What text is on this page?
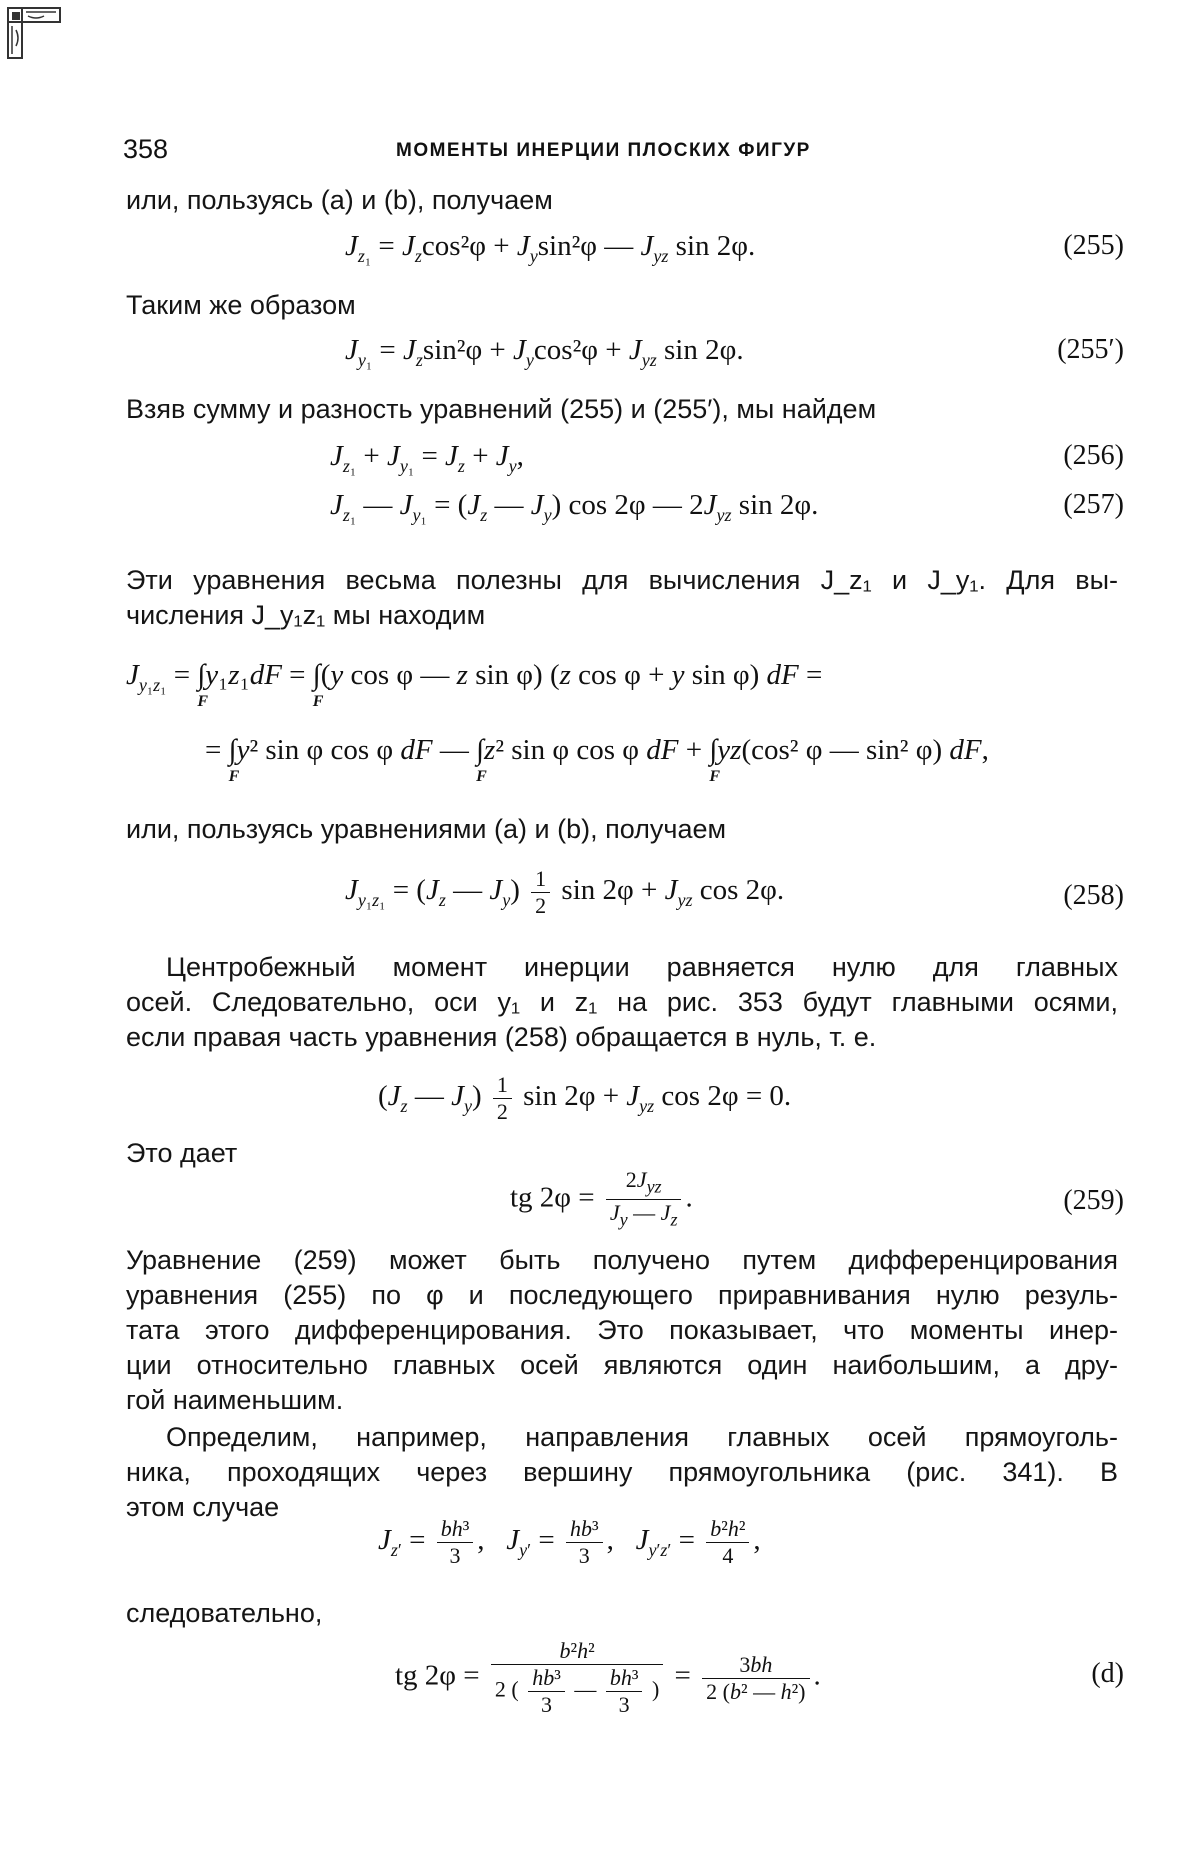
358	МОМЕНТЫ ИНЕРЦИИ ПЛОСКИХ ФИГУР
или, пользуясь (a) и (b), получаем
$J_{z_1} = J_z\cos^2\varphi + J_y\sin^2\varphi$ — $J_{yz}$ sin 2φ.	(255)
Таким же образом
$J_{y_1} = J_z\sin^2\varphi + J_y\cos^2\varphi + J_{yz}$ sin 2φ.	(255′)
Взяв сумму и разность уравнений (255) и (255′), мы найдем
$J_{z_1} + J_{y_1} = J_z + J_y$,	(256)
$J_{z_1}$ — $J_{y_1} = (J_z$ — $J_y$) cos 2φ — $2J_{yz}$ sin 2φ.	(257)
Эти уравнения весьма полезны для вычисления J_z₁ и J_y₁. Для вы-
числения J_y₁z₁ мы находим
$J_{y_1z_1}$ = ∫
F
y₁z₁dF = ∫
F
(y cos φ — z sin φ) (z cos φ + y sin φ) dF =
= ∫
F
y² sin φ cos φ dF — ∫
F
z² sin φ cos φ dF + ∫
F
yz(cos² φ — sin² φ) dF,
или, пользуясь уравнениями (a) и (b), получаем
$J_{y_1z_1} = (J_z$ — $J_y) \frac{1}{2}$ $\sin 2\varphi + J_{yz}$ cos 2φ.	(258)
Центробежный момент инерции равняется нулю для главных
осей. Следовательно, оси y₁ и z₁ на рис. 353 будут главными осями,
если правая часть уравнения (258) обращается в нуль, т. е.
($J_z$ — $J_y) \frac{1}{2}$ $\sin 2\varphi + J_{yz}$ cos 2φ = 0.
Это дает
tg $2\varphi = \frac{2J_{yz}}{J_y — J_z}$ .	(259)
Уравнение (259) может быть получено путем дифференцирования
уравнения (255) по φ и последующего приравнивания нулю резуль-
тата этого дифференцирования. Это показывает, что моменты инер-
ции относительно главных осей являются один наибольшим, а дру-
гой наименьшим.
Определим, например, направления главных осей прямоуголь-
ника, проходящих через вершину прямоугольника (рис. 341). В
этом случае
$J_{z'} = \frac{\text{bh³}}{3}$ ,   $J_{y'} = \frac{\text{hb³}}{3}$ ,   $J_{y'z'} = \frac{\text{b²h²}}{4}$ ,
следовательно,
tg $2\varphi = \frac{\text{b²h²}}{2 ( \frac{\text{hb³}}{3} — \frac{\text{bh³}}{3} )} = \frac{3bh}{\text{2 (b² — h²)}}$ .	(d)
